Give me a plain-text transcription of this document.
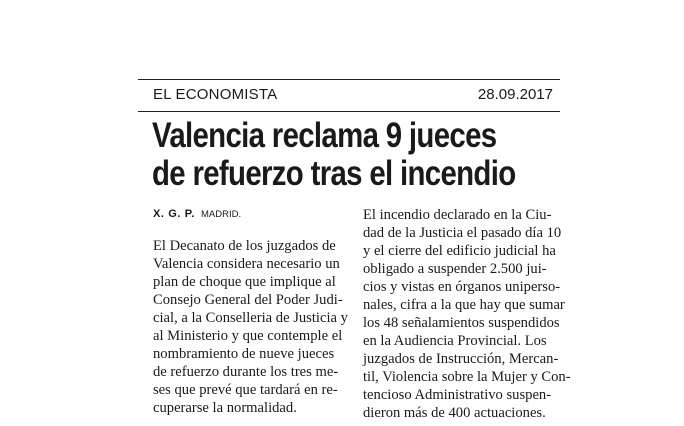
EL ECONOMISTA	28.09.2017
Valencia reclama 9 jueces
de refuerzo tras el incendio
X. G. P. MADRID.
El Decanato de los juzgados de
Valencia considera necesario un
plan de choque que implique al
Consejo General del Poder Judi-
cial, a la Conselleria de Justicia y
al Ministerio y que contemple el
nombramiento de nueve jueces
de refuerzo durante los tres me-
ses que prevé que tardará en re-
cuperarse la normalidad.
El incendio declarado en la Ciu-
dad de la Justicia el pasado día 10
y el cierre del edificio judicial ha
obligado a suspender 2.500 jui-
cios y vistas en órganos uniperso-
nales, cifra a la que hay que sumar
los 48 señalamientos suspendidos
en la Audiencia Provincial. Los
juzgados de Instrucción, Mercan-
til, Violencia sobre la Mujer y Con-
tencioso Administrativo suspen-
dieron más de 400 actuaciones.
